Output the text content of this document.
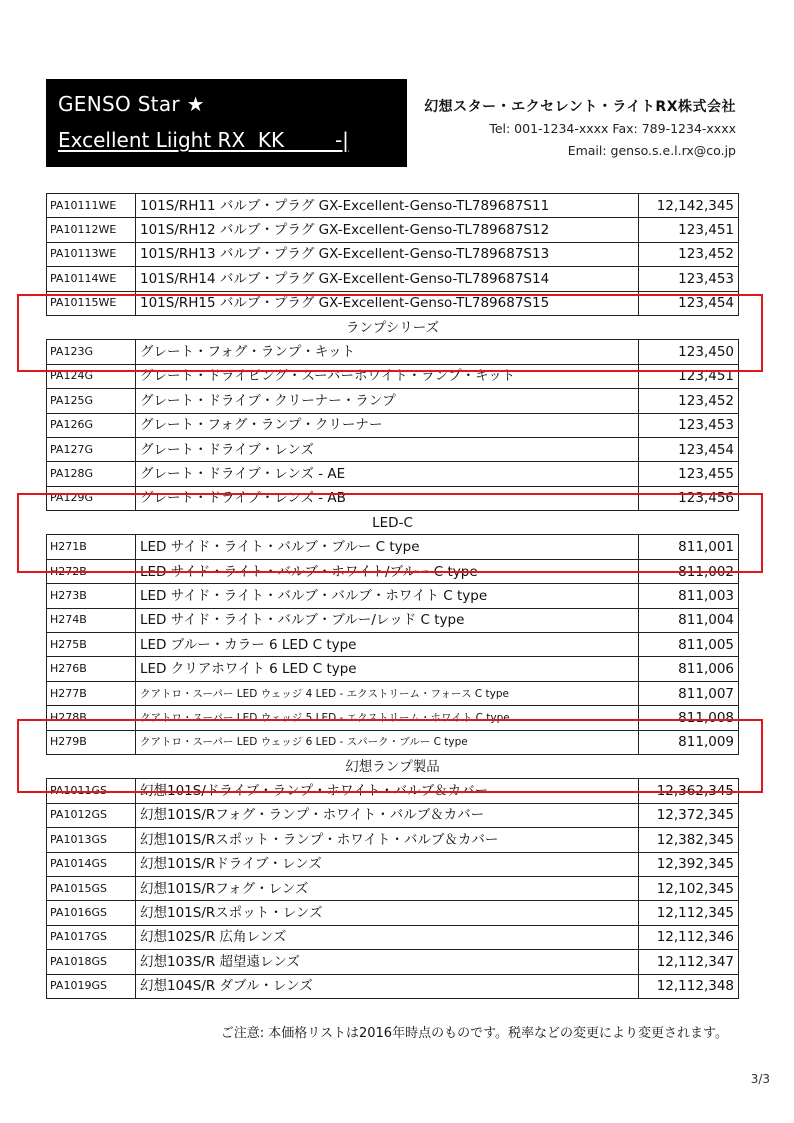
GENSO Star ★
Excellent Liight RX  KK        -|
幻想スター・エクセレント・ライトRX株式会社
Tel: 001-1234-xxxx Fax: 789-1234-xxxx
Email: genso.s.e.l.rx@co.jp
PA10111WE	101S/RH11 バルブ・プラグ GX-Excellent-Genso-TL789687S11	12,142,345
PA10112WE	101S/RH12 バルブ・プラグ GX-Excellent-Genso-TL789687S12	123,451
PA10113WE	101S/RH13 バルブ・プラグ GX-Excellent-Genso-TL789687S13	123,452
PA10114WE	101S/RH14 バルブ・プラグ GX-Excellent-Genso-TL789687S14	123,453
PA10115WE	101S/RH15 バルブ・プラグ GX-Excellent-Genso-TL789687S15	123,454
ランプシリーズ		
PA123G	グレート・フォグ・ランプ・キット	123,450
PA124G	グレート・ドライビング・スーパーホワイト・ランプ・キット	123,451
PA125G	グレート・ドライブ・クリーナー・ランプ	123,452
PA126G	グレート・フォグ・ランプ・クリーナー	123,453
PA127G	グレート・ドライブ・レンズ	123,454
PA128G	グレート・ドライブ・レンズ - AE	123,455
PA129G	グレート・ドライブ・レンズ - AB	123,456
LED-C		
H271B	LED サイド・ライト・バルブ・ブルー C type	811,001
H272B	LED サイド・ライト・バルブ・ホワイト/ブルー C type	811,002
H273B	LED サイド・ライト・バルブ・バルブ・ホワイト C type	811,003
H274B	LED サイド・ライト・バルブ・ブルー/レッド C type	811,004
H275B	LED ブルー・カラー 6 LED C type	811,005
H276B	LED クリアホワイト 6 LED C type	811,006
H277B	クアトロ・スーパー LED ウェッジ 4 LED - エクストリーム・フォース C type	811,007
H278B	クアトロ・スーパー LED ウェッジ 5 LED - エクストリーム・ホワイト C type	811,008
H279B	クアトロ・スーパー LED ウェッジ 6 LED - スパーク・ブルー C type	811,009
幻想ランプ製品		
PA1011GS	幻想101S/ドライブ・ランプ・ホワイト・バルブ＆カバー	12,362,345
PA1012GS	幻想101S/Rフォグ・ランプ・ホワイト・バルブ＆カバー	12,372,345
PA1013GS	幻想101S/Rスポット・ランプ・ホワイト・バルブ＆カバー	12,382,345
PA1014GS	幻想101S/Rドライブ・レンズ	12,392,345
PA1015GS	幻想101S/Rフォグ・レンズ	12,102,345
PA1016GS	幻想101S/Rスポット・レンズ	12,112,345
PA1017GS	幻想102S/R 広角レンズ	12,112,346
PA1018GS	幻想103S/R 超望遠レンズ	12,112,347
PA1019GS	幻想104S/R ダブル・レンズ	12,112,348
ご注意: 本価格リストは2016年時点のものです。税率などの変更により変更されます。
3/3
